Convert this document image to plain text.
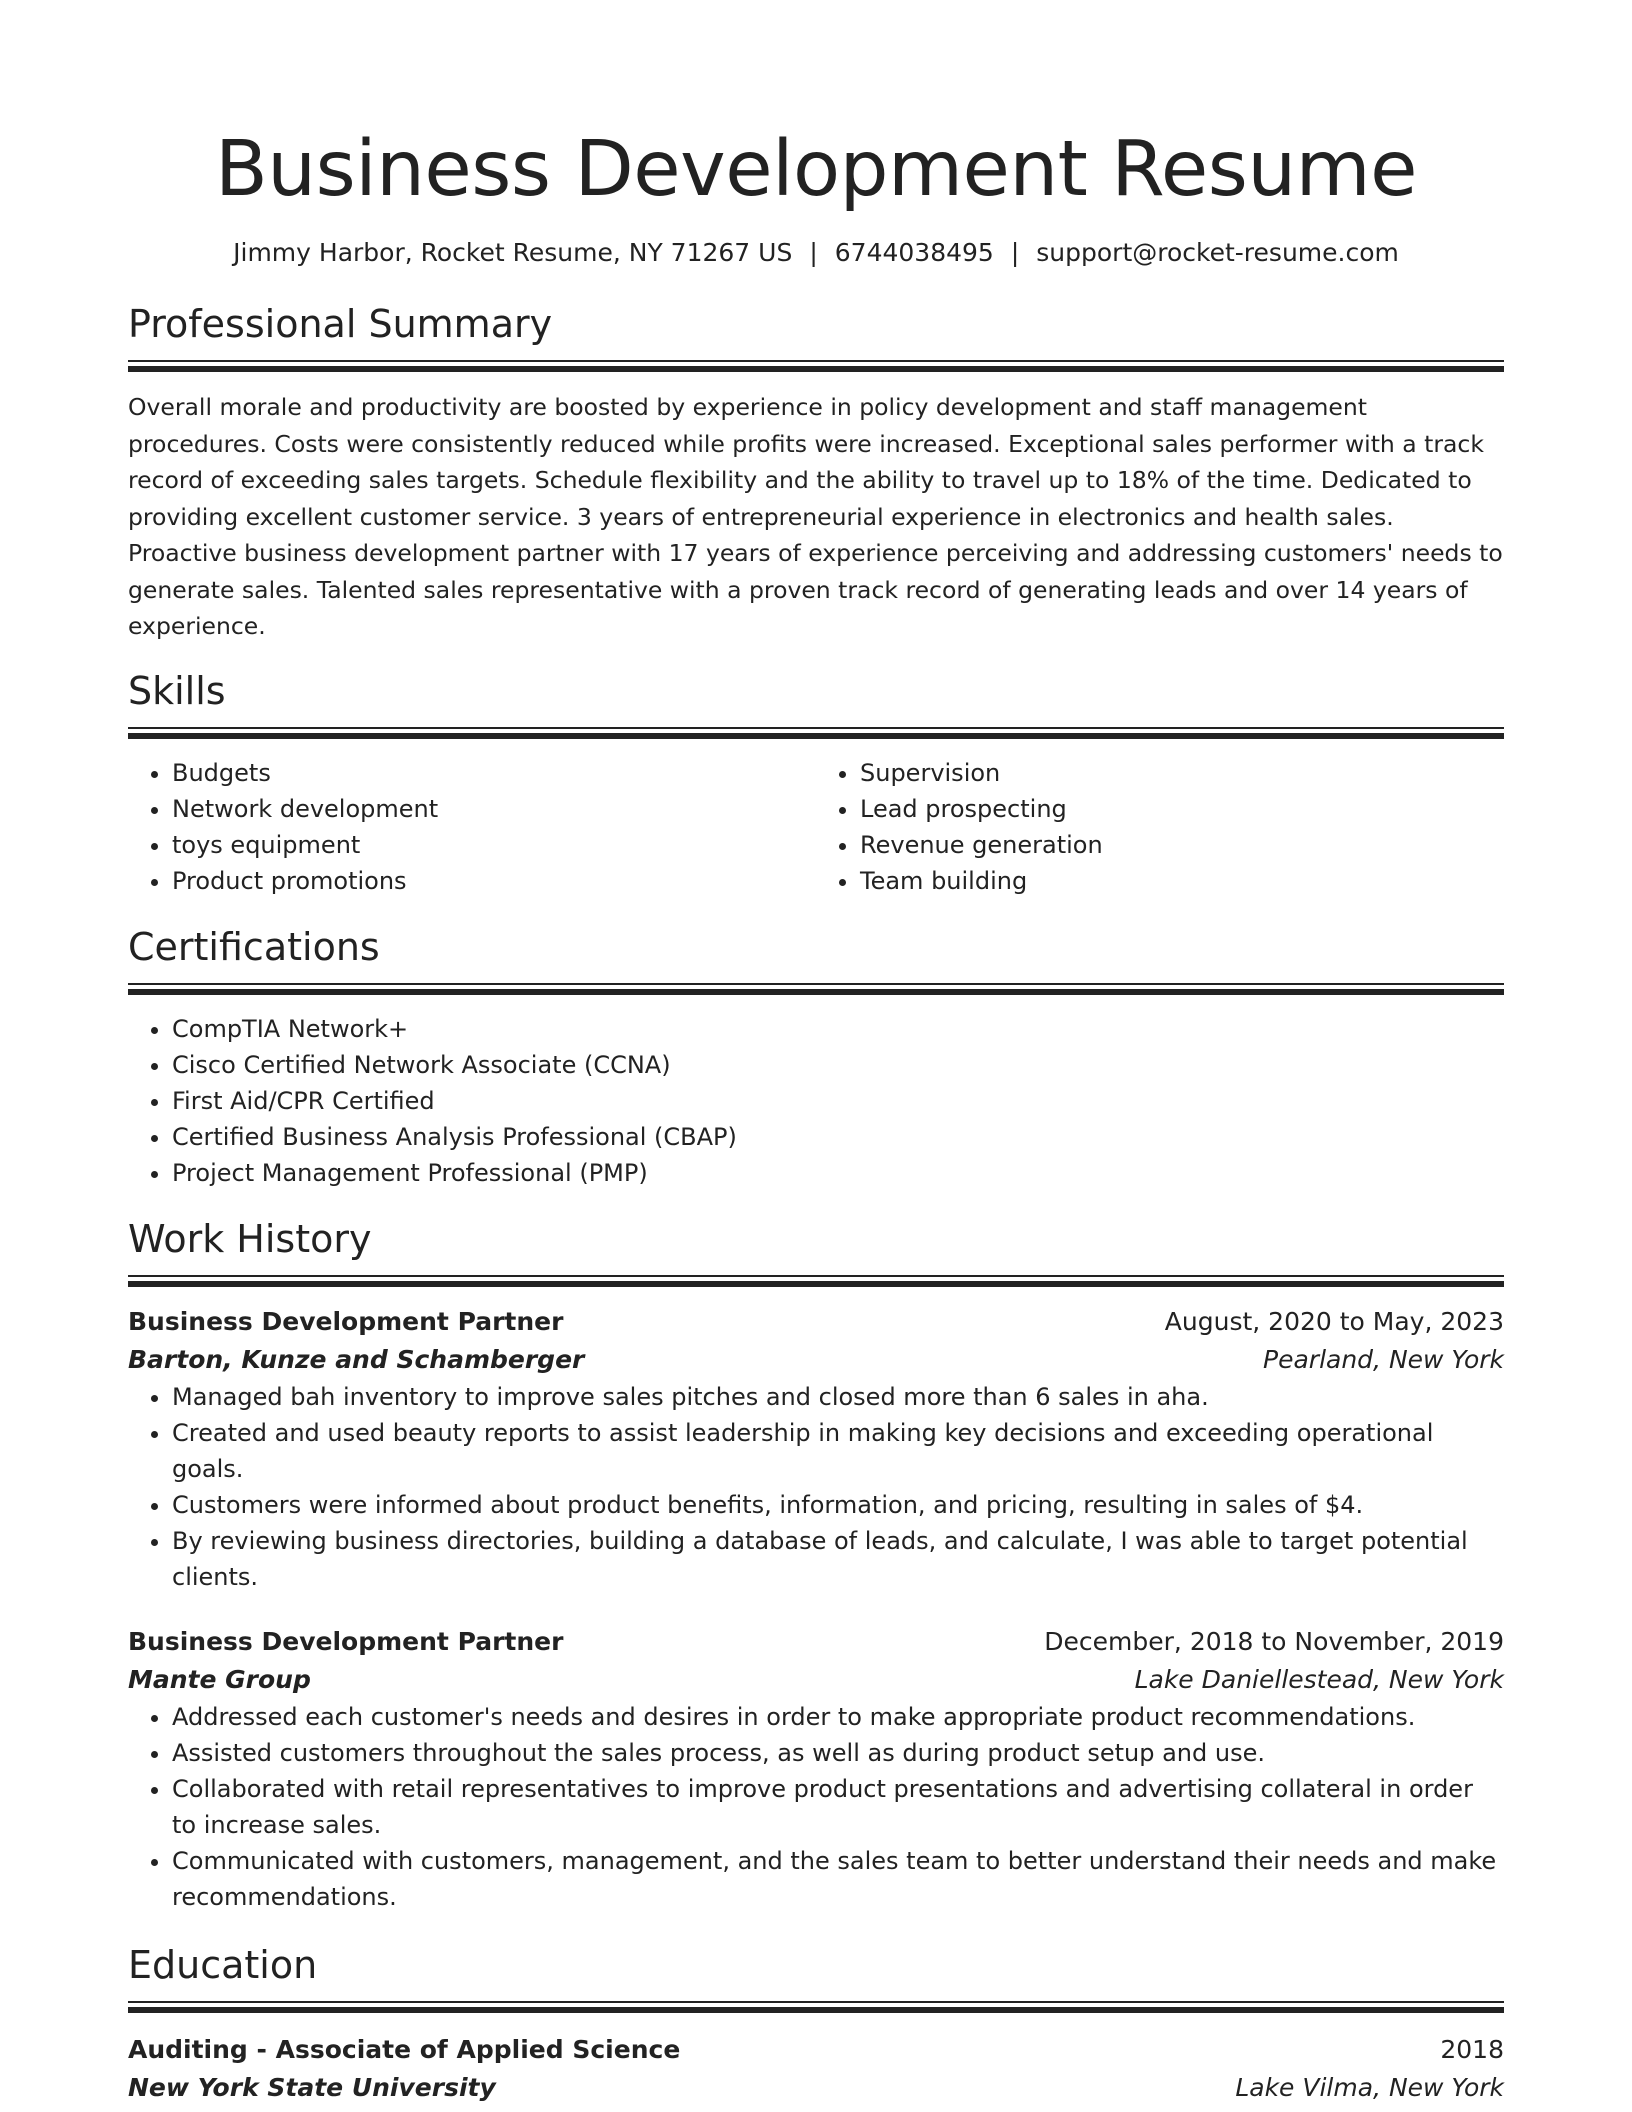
Business Development Resume
Jimmy Harbor, Rocket Resume, NY 71267 US | 6744038495 | support@rocket-resume.com
Professional Summary
Overall morale and productivity are boosted by experience in policy development and staff management procedures. Costs were consistently reduced while profits were increased. Exceptional sales performer with a track record of exceeding sales targets. Schedule flexibility and the ability to travel up to 18% of the time. Dedicated to providing excellent customer service. 3 years of entrepreneurial experience in electronics and health sales. Proactive business development partner with 17 years of experience perceiving and addressing customers' needs to generate sales. Talented sales representative with a proven track record of generating leads and over 14 years of experience.
Skills
• Budgets
• Network development
• toys equipment
• Product promotions
• Supervision
• Lead prospecting
• Revenue generation
• Team building
Certifications
• CompTIA Network+
• Cisco Certified Network Associate (CCNA)
• First Aid/CPR Certified
• Certified Business Analysis Professional (CBAP)
• Project Management Professional (PMP)
Work History
Business Development Partner	August, 2020 to May, 2023
Barton, Kunze and Schamberger	Pearland, New York
• Managed bah inventory to improve sales pitches and closed more than 6 sales in aha.
• Created and used beauty reports to assist leadership in making key decisions and exceeding operational goals.
• Customers were informed about product benefits, information, and pricing, resulting in sales of $4.
• By reviewing business directories, building a database of leads, and calculate, I was able to target potential clients.
Business Development Partner	December, 2018 to November, 2019
Mante Group	Lake Daniellestead, New York
• Addressed each customer's needs and desires in order to make appropriate product recommendations.
• Assisted customers throughout the sales process, as well as during product setup and use.
• Collaborated with retail representatives to improve product presentations and advertising collateral in order to increase sales.
• Communicated with customers, management, and the sales team to better understand their needs and make recommendations.
Education
Auditing - Associate of Applied Science	2018
New York State University	Lake Vilma, New York
